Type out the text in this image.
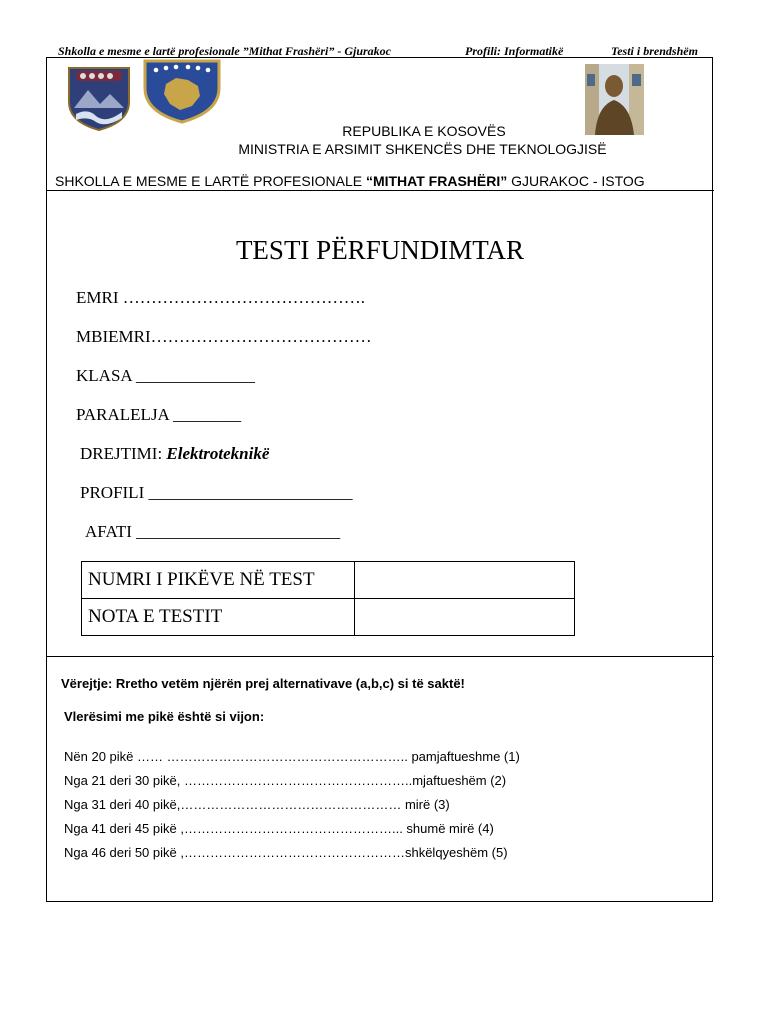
Shkolla e mesme e lartë profesionale ”Mithat Frashëri” - Gjurakoc	Profili: Informatikë	Testi i brendshëm
REPUBLIKA E KOSOVËS
MINISTRIA E ARSIMIT SHKENCËS DHE TEKNOLOGJISË
SHKOLLA E MESME E LARTË PROFESIONALE “MITHAT FRASHËRI” GJURAKOC - ISTOG
TESTI PËRFUNDIMTAR
EMRI …………………………………….
MBIEMRI…………………………………
KLASA ______________
PARALELJA ________
DREJTIMI: Elektroteknikë
PROFILI ________________________
AFATI ________________________
NUMRI I PIKËVE NË TEST	
NOTA E TESTIT	
Vërejtje: Rretho vetëm njërën prej alternativave (a,b,c) si të saktë!
Vlerësimi me pikë është si vijon:
Nën 20 pikë …… ……………………………………………….. pamjaftueshme (1)
Nga 21 deri 30 pikë, ……………………………………………..mjaftueshëm (2)
Nga 31 deri 40 pikë,…………………………………………… mirë (3)
Nga 41 deri 45 pikë ,…………………………………………... shumë mirë (4)
Nga 46 deri 50 pikë ,……………………………………………shkëlqyeshëm (5)
